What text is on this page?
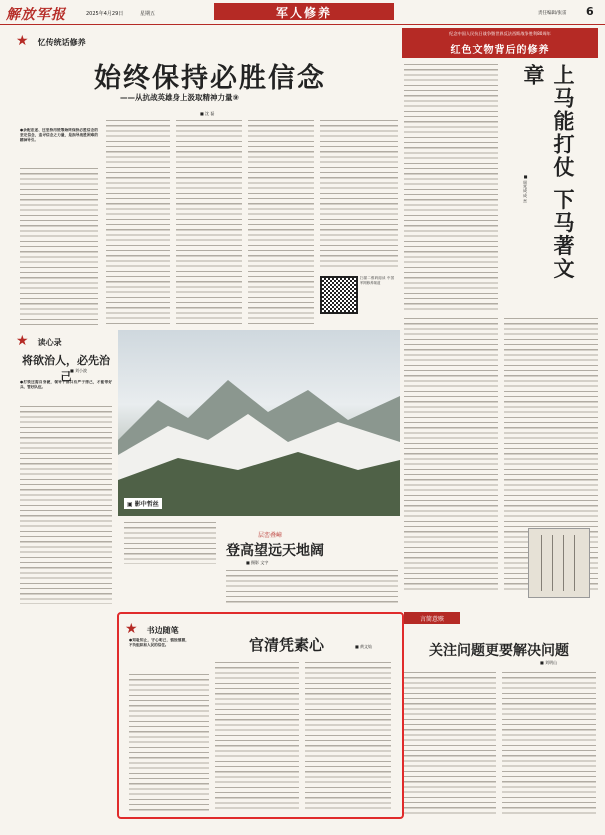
解放军报	2025年4月29日	星期五	军人修养	责任编辑/张雷 6
★ 忆传统话修养
始终保持必胜信念
——从抗战英雄身上汲取精神力量⑨
■ 沈 磊
●余配忠述、还坚持用统筹始终保持必胜信念的坚定信念，追寻信念之力量，是指导战胜困难的精神导引。
扫描二维码阅读 中国军网修养频道
纪念中国人民抗日战争暨世界反法西斯战争胜利80周年
红色文物背后的修养
上马能打仗 下马著文章
■ 周兆成 成 吾
★ 读心录
将欲治人，必先治己
■ 刘小波
●打铁还需自身硬，领导干部只有严于律己，才能带好兵、管好队伍。
▣ 影中哲丝
层峦叠嶂
登高望远天地阔
■ 摄影 文字
★ 书边随笔
●知耻知止，守心明己，慎独慎微，不负组织和人民的信任。	官清凭素心	■ 黄文灿
言简意赅
关注问题更要解决问题
■ 刘明山
